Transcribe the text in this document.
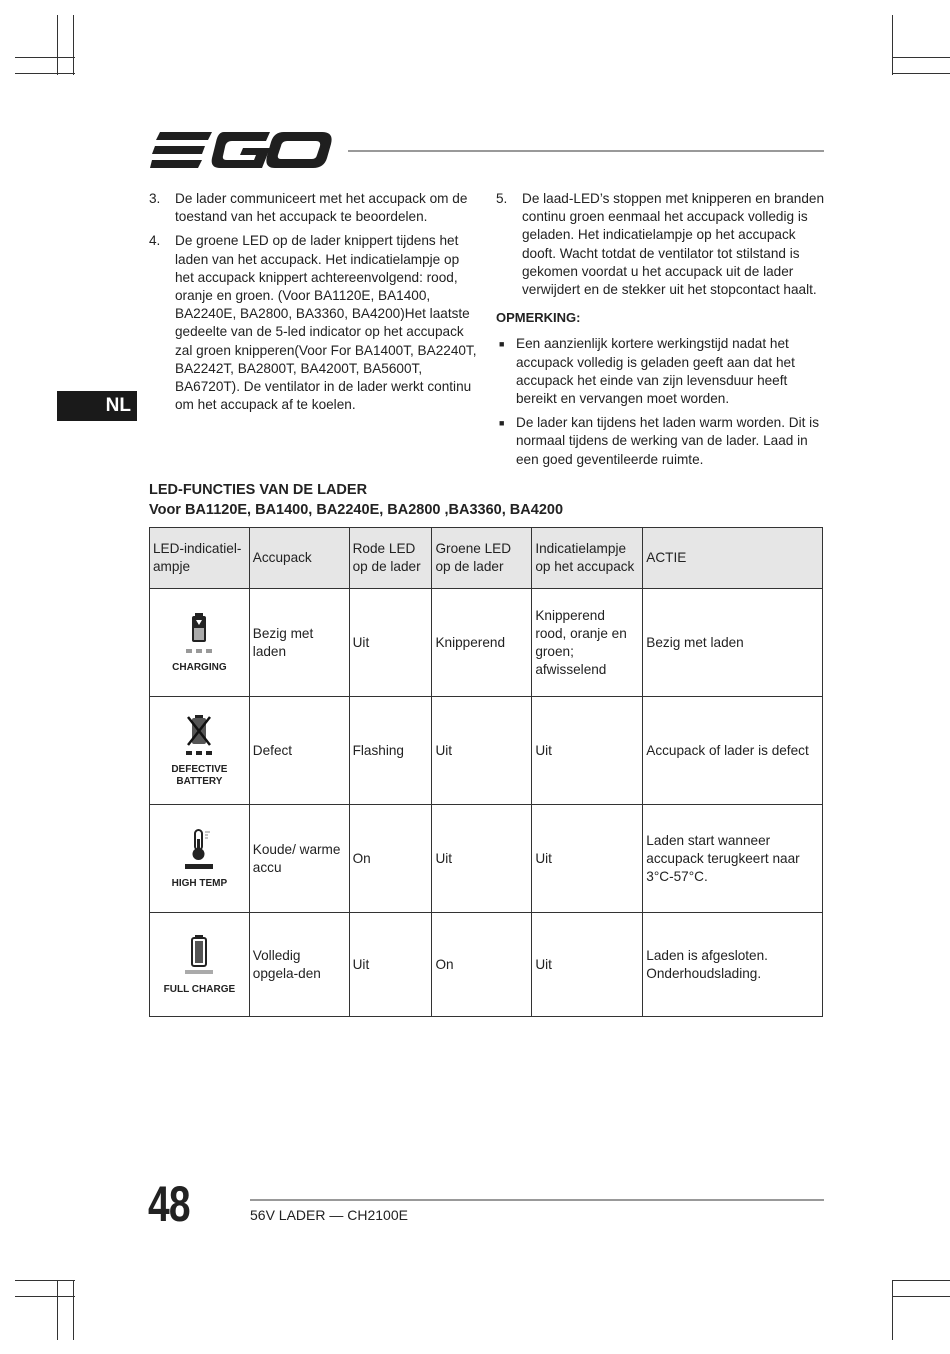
NL
3.	De lader communiceert met het accupack om de toestand van het accupack te beoordelen.
4.	De groene LED op de lader knippert tijdens het laden van het accupack. Het indicatielampje op het accupack knippert achtereenvolgend: rood, oranje en groen. (Voor BA1120E, BA1400, BA2240E, BA2800, BA3360, BA4200)Het laatste gedeelte van de 5-led indicator op het accupack zal groen knipperen(Voor For BA1400T, BA2240T, BA2242T, BA2800T, BA4200T, BA5600T, BA6720T). De ventilator in de lader werkt continu om het accupack af te koelen.
5.	De laad-LED’s stoppen met knipperen en branden continu groen eenmaal het accupack volledig is geladen. Het indicatielampje op het accupack dooft. Wacht totdat de ventilator tot stilstand is gekomen voordat u het accupack uit de lader verwijdert en de stekker uit het stopcontact haalt.
OPMERKING:
■ Een aanzienlijk kortere werkingstijd nadat het accupack volledig is geladen geeft aan dat het accupack het einde van zijn levensduur heeft bereikt en vervangen moet worden.
■ De lader kan tijdens het laden warm worden. Dit is normaal tijdens de werking van de lader. Laad in een goed geventileerde ruimte.
LED-FUNCTIES VAN DE LADER
Voor BA1120E, BA1400, BA2240E, BA2800 ,BA3360, BA4200
LED-indicatiel-ampje	Accupack	Rode LED op de lader	Groene LED op de lader	Indicatielampje op het accupack	ACTIE

CHARGING	Bezig met laden	Uit	Knipperend	Knipperend rood, oranje en groen; afwisselend	Bezig met laden

DEFECTIVE BATTERY	Defect	Flashing	Uit	Uit	Accupack of lader is defect

HIGH TEMP	Koude/ warme accu	On	Uit	Uit	Laden start wanneer accupack terugkeert naar 3°C-57°C.

FULL CHARGE	Volledig opgela-den	Uit	On	Uit	Laden is afgesloten. Onderhoudslading.
48	56V LADER — CH2100E
